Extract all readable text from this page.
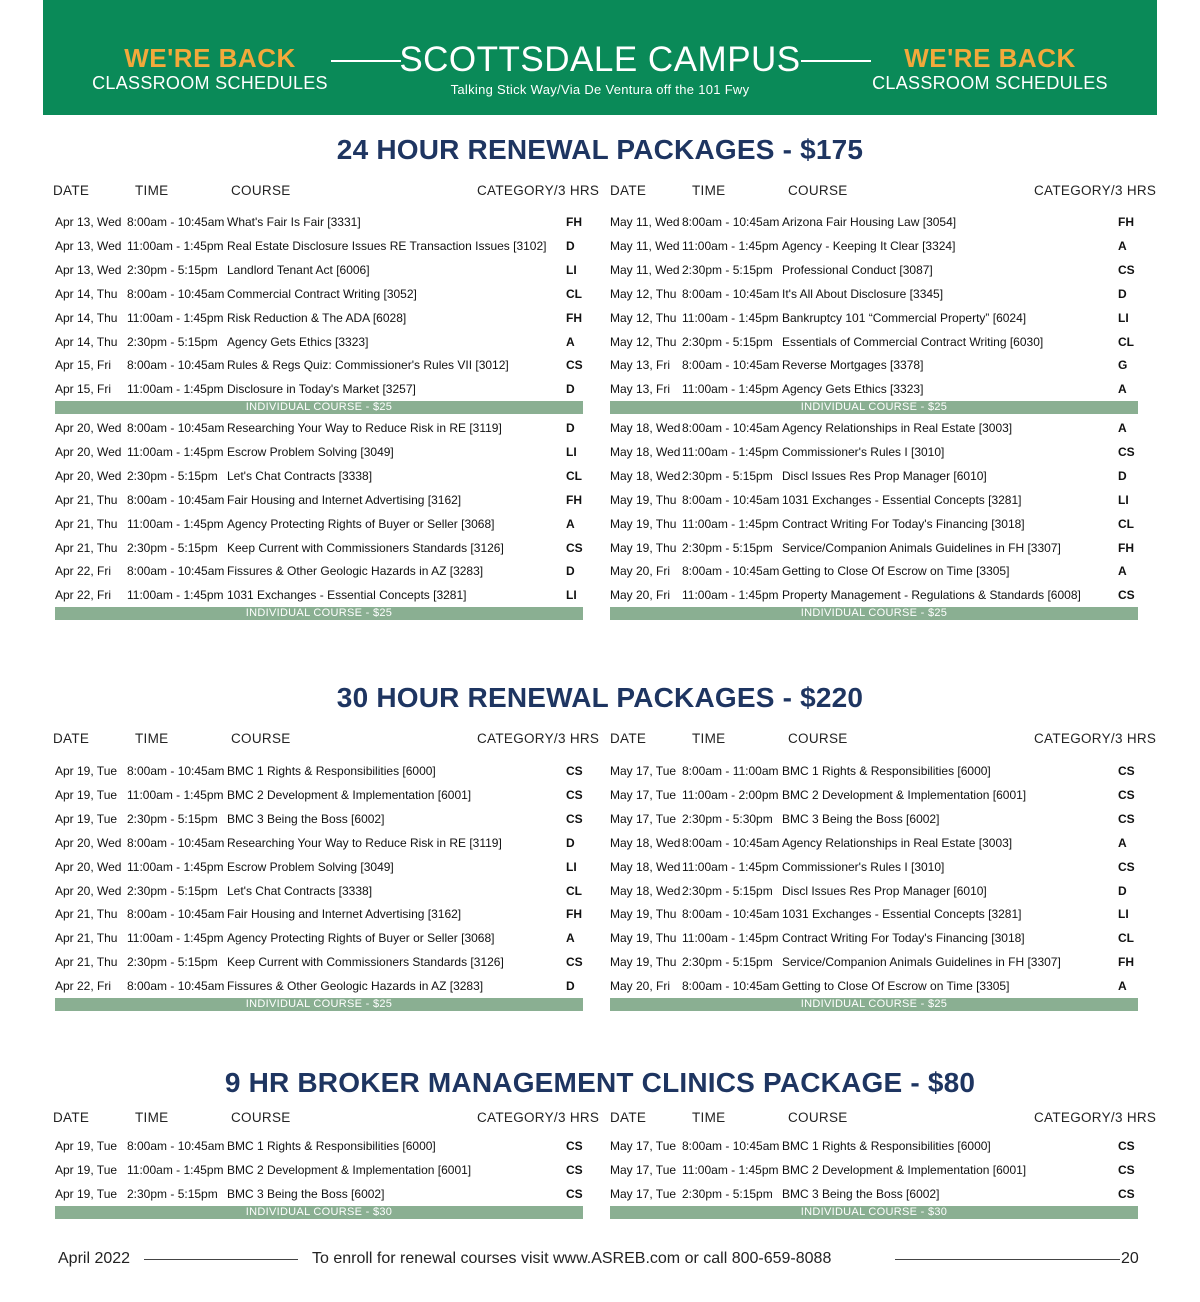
WE'RE BACK
CLASSROOM SCHEDULES
SCOTTSDALE CAMPUS
Talking Stick Way/Via De Ventura off the 101 Fwy
WE'RE BACK
CLASSROOM SCHEDULES
24 HOUR RENEWAL PACKAGES - $175
30 HOUR RENEWAL PACKAGES - $220
9 HR BROKER MANAGEMENT CLINICS PACKAGE - $80
DATE	TIME	COURSE	CATEGORY/3 HRS DATE	TIME	COURSE	CATEGORY/3 HRS
DATE	TIME	COURSE	CATEGORY/3 HRS DATE	TIME	COURSE	CATEGORY/3 HRS
DATE	TIME	COURSE	CATEGORY/3 HRS DATE	TIME	COURSE	CATEGORY/3 HRS
Apr 13, Wed 8:00am - 10:45am What's Fair Is Fair [3331]	FH
Apr 13, Wed 11:00am - 1:45pm Real Estate Disclosure Issues RE Transaction Issues [3102] D
Apr 13, Wed 2:30pm - 5:15pm Landlord Tenant Act [6006]	LI
Apr 14, Thu 8:00am - 10:45am Commercial Contract Writing [3052]	CL
Apr 14, Thu 11:00am - 1:45pm Risk Reduction & The ADA [6028]	FH
Apr 14, Thu 2:30pm - 5:15pm Agency Gets Ethics [3323]	A
Apr 15, Fri 8:00am - 10:45am Rules & Regs Quiz: Commissioner's Rules VII [3012]	CS
Apr 15, Fri 11:00am - 1:45pm Disclosure in Today's Market [3257]	D
INDIVIDUAL COURSE - $25
Apr 20, Wed 8:00am - 10:45am Researching Your Way to Reduce Risk in RE [3119]	D
Apr 20, Wed 11:00am - 1:45pm Escrow Problem Solving [3049]	LI
Apr 20, Wed 2:30pm - 5:15pm Let's Chat Contracts [3338]	CL
Apr 21, Thu 8:00am - 10:45am Fair Housing and Internet Advertising [3162]	FH
Apr 21, Thu 11:00am - 1:45pm Agency Protecting Rights of Buyer or Seller [3068]	A
Apr 21, Thu 2:30pm - 5:15pm Keep Current with Commissioners Standards [3126]	CS
Apr 22, Fri 8:00am - 10:45am Fissures & Other Geologic Hazards in AZ [3283]	D
Apr 22, Fri 11:00am - 1:45pm 1031 Exchanges - Essential Concepts [3281]	LI
INDIVIDUAL COURSE - $25
May 11, Wed 8:00am - 10:45am Arizona Fair Housing Law [3054]	FH
May 11, Wed 11:00am - 1:45pm Agency - Keeping It Clear [3324]	A
May 11, Wed 2:30pm - 5:15pm Professional Conduct [3087]	CS
May 12, Thu 8:00am - 10:45am It's All About Disclosure [3345]	D
May 12, Thu 11:00am - 1:45pm Bankruptcy 101 “Commercial Property” [6024]	LI
May 12, Thu 2:30pm - 5:15pm Essentials of Commercial Contract Writing [6030]	CL
May 13, Fri 8:00am - 10:45am Reverse Mortgages [3378]	G
May 13, Fri 11:00am - 1:45pm Agency Gets Ethics [3323]	A
INDIVIDUAL COURSE - $25
May 18, Wed 8:00am - 10:45am Agency Relationships in Real Estate [3003]	A
May 18, Wed 11:00am - 1:45pm Commissioner's Rules I [3010]	CS
May 18, Wed 2:30pm - 5:15pm Discl Issues Res Prop Manager [6010]	D
May 19, Thu 8:00am - 10:45am 1031 Exchanges - Essential Concepts [3281]	LI
May 19, Thu 11:00am - 1:45pm Contract Writing For Today's Financing [3018]	CL
May 19, Thu 2:30pm - 5:15pm Service/Companion Animals Guidelines in FH [3307]	FH
May 20, Fri 8:00am - 10:45am Getting to Close Of Escrow on Time [3305]	A
May 20, Fri 11:00am - 1:45pm Property Management - Regulations & Standards [6008]	CS
INDIVIDUAL COURSE - $25
Apr 19, Tue 8:00am - 10:45am BMC 1 Rights & Responsibilities [6000]	CS
Apr 19, Tue 11:00am - 1:45pm BMC 2 Development & Implementation [6001]	CS
Apr 19, Tue 2:30pm - 5:15pm BMC 3 Being the Boss [6002]	CS
Apr 20, Wed 8:00am - 10:45am Researching Your Way to Reduce Risk in RE [3119]	D
Apr 20, Wed 11:00am - 1:45pm Escrow Problem Solving [3049]	LI
Apr 20, Wed 2:30pm - 5:15pm Let's Chat Contracts [3338]	CL
Apr 21, Thu 8:00am - 10:45am Fair Housing and Internet Advertising [3162]	FH
Apr 21, Thu 11:00am - 1:45pm Agency Protecting Rights of Buyer or Seller [3068]	A
Apr 21, Thu 2:30pm - 5:15pm Keep Current with Commissioners Standards [3126]	CS
Apr 22, Fri 8:00am - 10:45am Fissures & Other Geologic Hazards in AZ [3283]	D
INDIVIDUAL COURSE - $25
May 17, Tue 8:00am - 11:00am BMC 1 Rights & Responsibilities [6000]	CS
May 17, Tue 11:00am - 2:00pm BMC 2 Development & Implementation [6001]	CS
May 17, Tue 2:30pm - 5:30pm BMC 3 Being the Boss [6002]	CS
May 18, Wed 8:00am - 10:45am Agency Relationships in Real Estate [3003]	A
May 18, Wed 11:00am - 1:45pm Commissioner's Rules I [3010]	CS
May 18, Wed 2:30pm - 5:15pm Discl Issues Res Prop Manager [6010]	D
May 19, Thu 8:00am - 10:45am 1031 Exchanges - Essential Concepts [3281]	LI
May 19, Thu 11:00am - 1:45pm Contract Writing For Today's Financing [3018]	CL
May 19, Thu 2:30pm - 5:15pm Service/Companion Animals Guidelines in FH [3307]	FH
May 20, Fri 8:00am - 10:45am Getting to Close Of Escrow on Time [3305]	A
INDIVIDUAL COURSE - $25
Apr 19, Tue 8:00am - 10:45am BMC 1 Rights & Responsibilities [6000]	CS
Apr 19, Tue 11:00am - 1:45pm BMC 2 Development & Implementation [6001]	CS
Apr 19, Tue 2:30pm - 5:15pm BMC 3 Being the Boss [6002]	CS
INDIVIDUAL COURSE - $30
May 17, Tue 8:00am - 10:45am BMC 1 Rights & Responsibilities [6000]	CS
May 17, Tue 11:00am - 1:45pm BMC 2 Development & Implementation [6001]	CS
May 17, Tue 2:30pm - 5:15pm BMC 3 Being the Boss [6002]	CS
INDIVIDUAL COURSE - $30
April 2022	To enroll for renewal courses visit www.ASREB.com or call 800-659-8088	20
